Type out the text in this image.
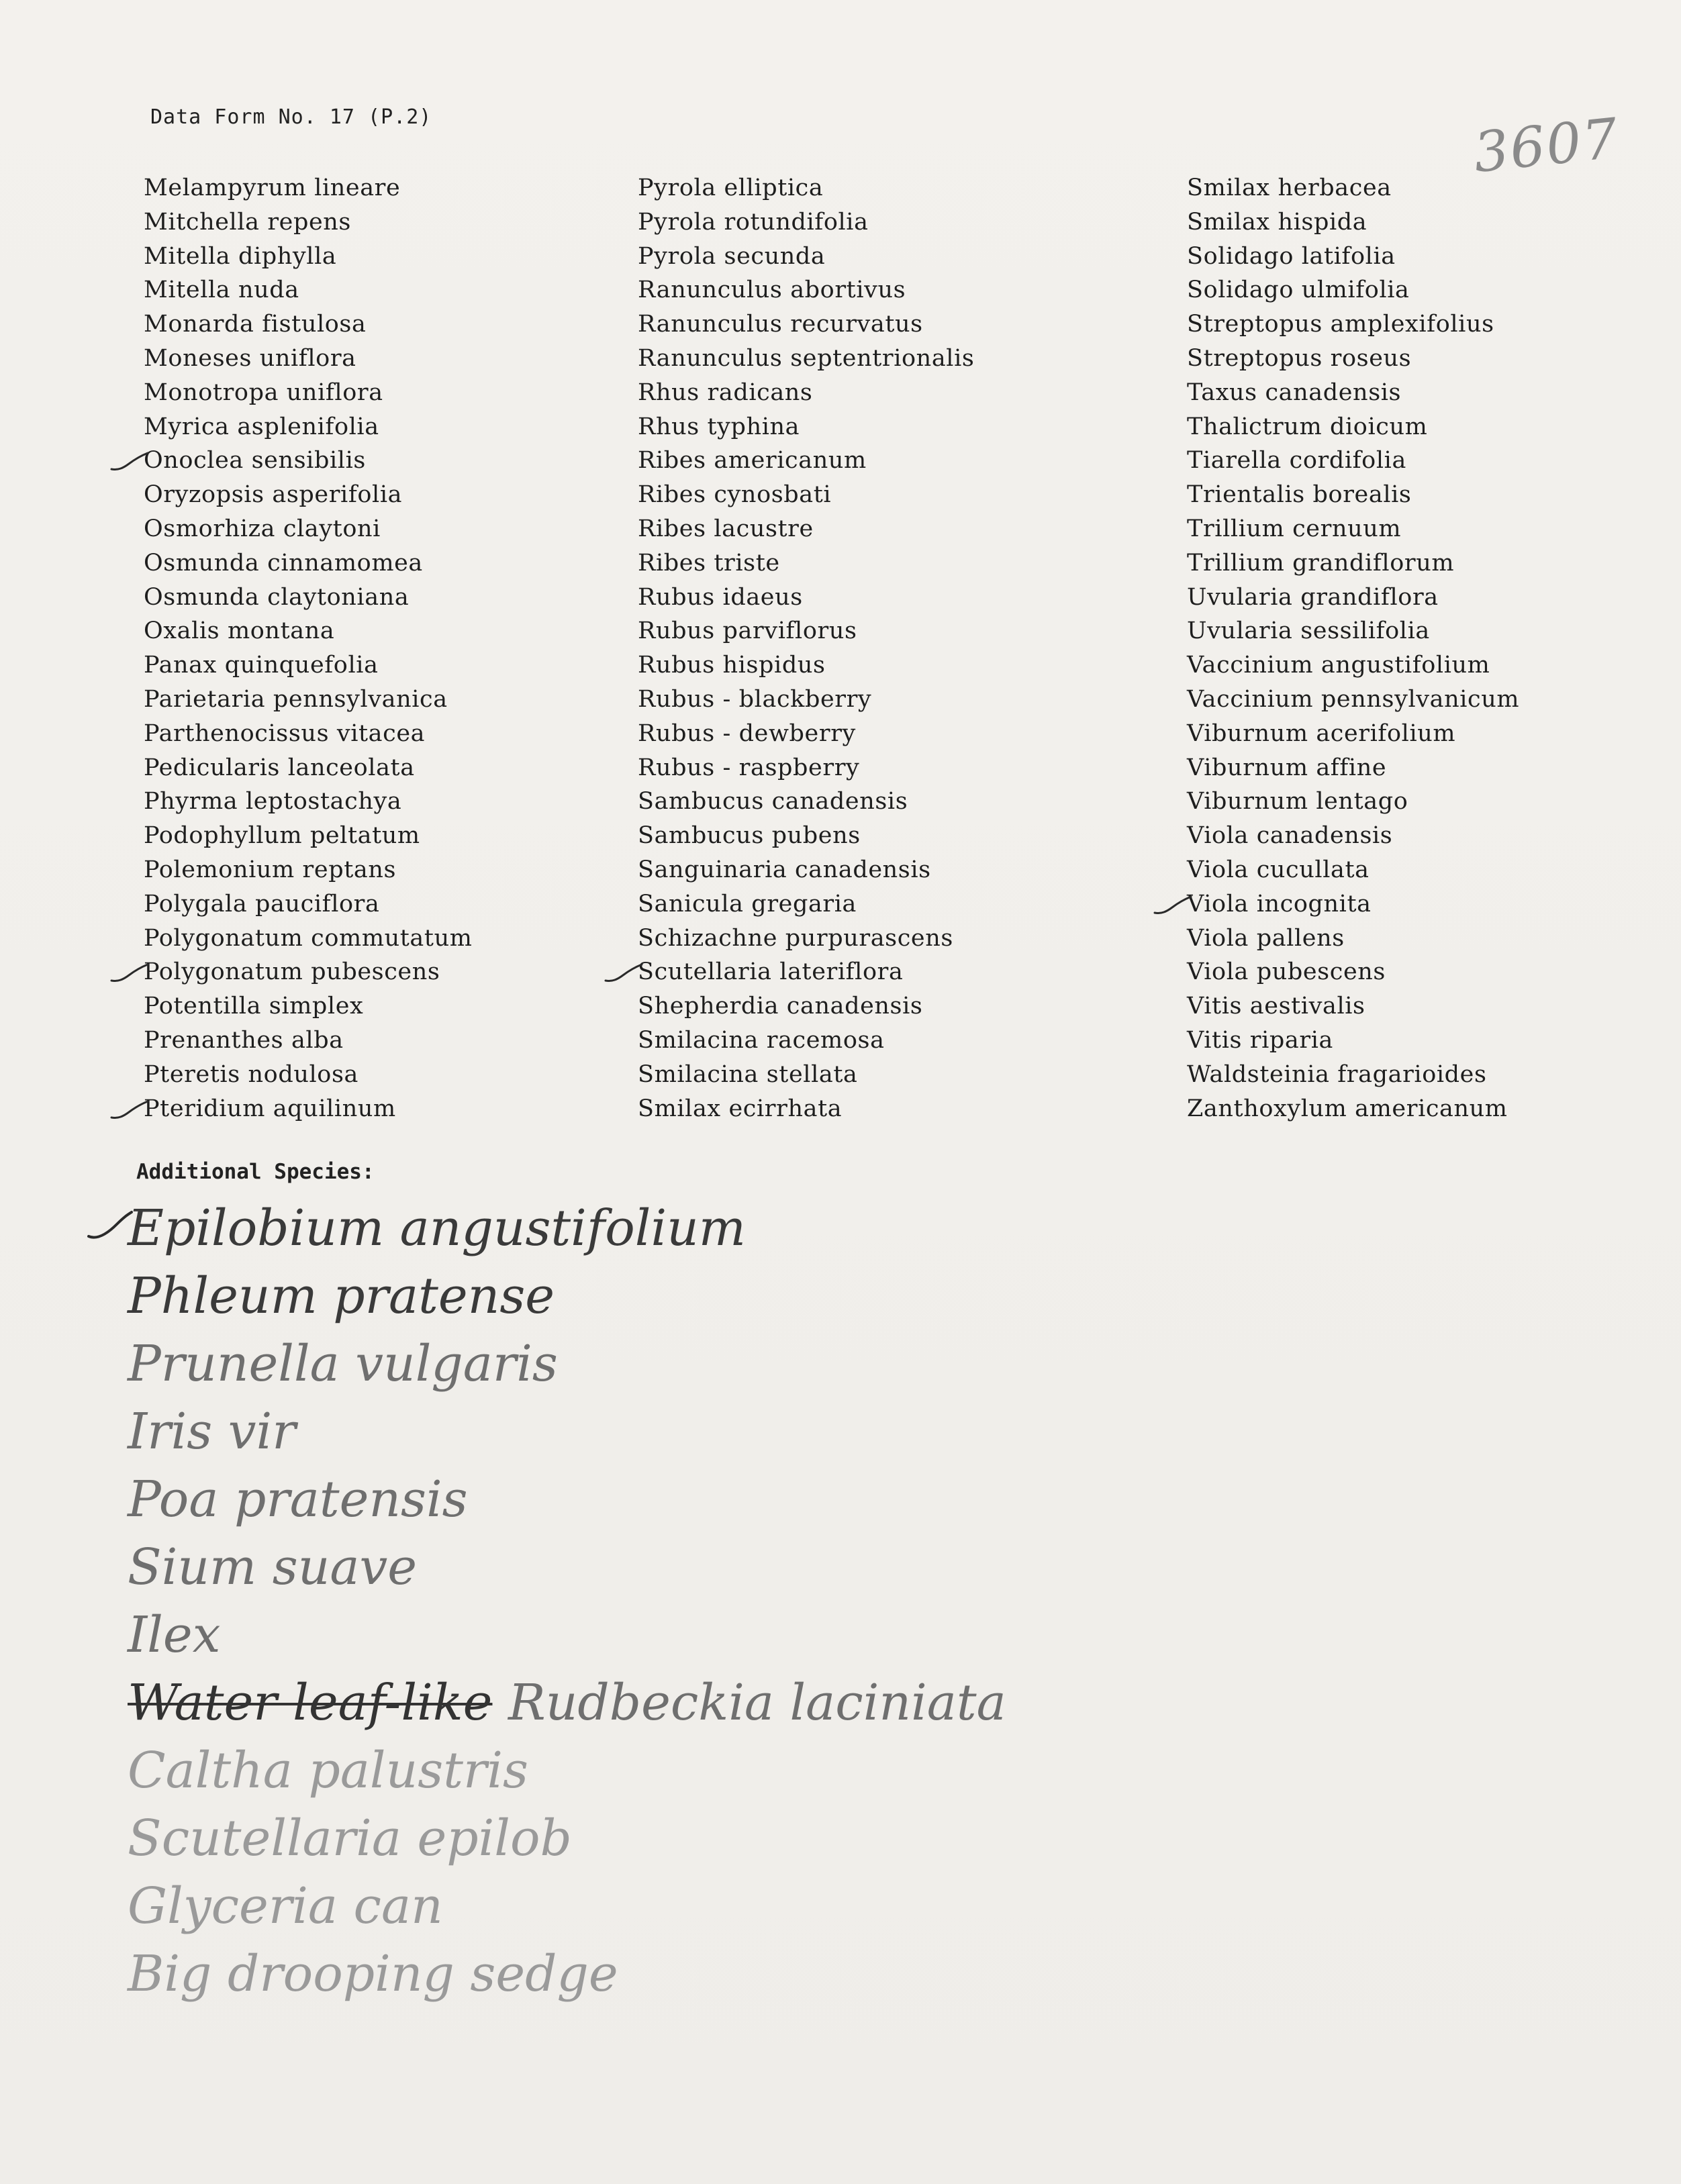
Data Form No. 17 (P.2)	3607
Melampyrum lineare
Mitchella repens
Mitella diphylla
Mitella nuda
Monarda fistulosa
Moneses uniflora
Monotropa uniflora
Myrica asplenifolia
Onoclea sensibilis
Oryzopsis asperifolia
Osmorhiza claytoni
Osmunda cinnamomea
Osmunda claytoniana
Oxalis montana
Panax quinquefolia
Parietaria pennsylvanica
Parthenocissus vitacea
Pedicularis lanceolata
Phyrma leptostachya
Podophyllum peltatum
Polemonium reptans
Polygala pauciflora
Polygonatum commutatum
Polygonatum pubescens
Potentilla simplex
Prenanthes alba
Pteretis nodulosa
Pteridium aquilinum
Pyrola elliptica
Pyrola rotundifolia
Pyrola secunda
Ranunculus abortivus
Ranunculus recurvatus
Ranunculus septentrionalis
Rhus radicans
Rhus typhina
Ribes americanum
Ribes cynosbati
Ribes lacustre
Ribes triste
Rubus idaeus
Rubus parviflorus
Rubus hispidus
Rubus - blackberry
Rubus - dewberry
Rubus - raspberry
Sambucus canadensis
Sambucus pubens
Sanguinaria canadensis
Sanicula gregaria
Schizachne purpurascens
Scutellaria lateriflora
Shepherdia canadensis
Smilacina racemosa
Smilacina stellata
Smilax ecirrhata
Smilax herbacea
Smilax hispida
Solidago latifolia
Solidago ulmifolia
Streptopus amplexifolius
Streptopus roseus
Taxus canadensis
Thalictrum dioicum
Tiarella cordifolia
Trientalis borealis
Trillium cernuum
Trillium grandiflorum
Uvularia grandiflora
Uvularia sessilifolia
Vaccinium angustifolium
Vaccinium pennsylvanicum
Viburnum acerifolium
Viburnum affine
Viburnum lentago
Viola canadensis
Viola cucullata
Viola incognita
Viola pallens
Viola pubescens
Vitis aestivalis
Vitis riparia
Waldsteinia fragarioides
Zanthoxylum americanum
Additional Species:
Epilobium angustifolium
Phleum pratense
Prunella vulgaris
Iris vir
Poa pratensis
Sium suave
Ilex
Water leaf-like Rudbeckia laciniata
Caltha palustris
Scutellaria epilob
Glyceria can
Big drooping sedge
